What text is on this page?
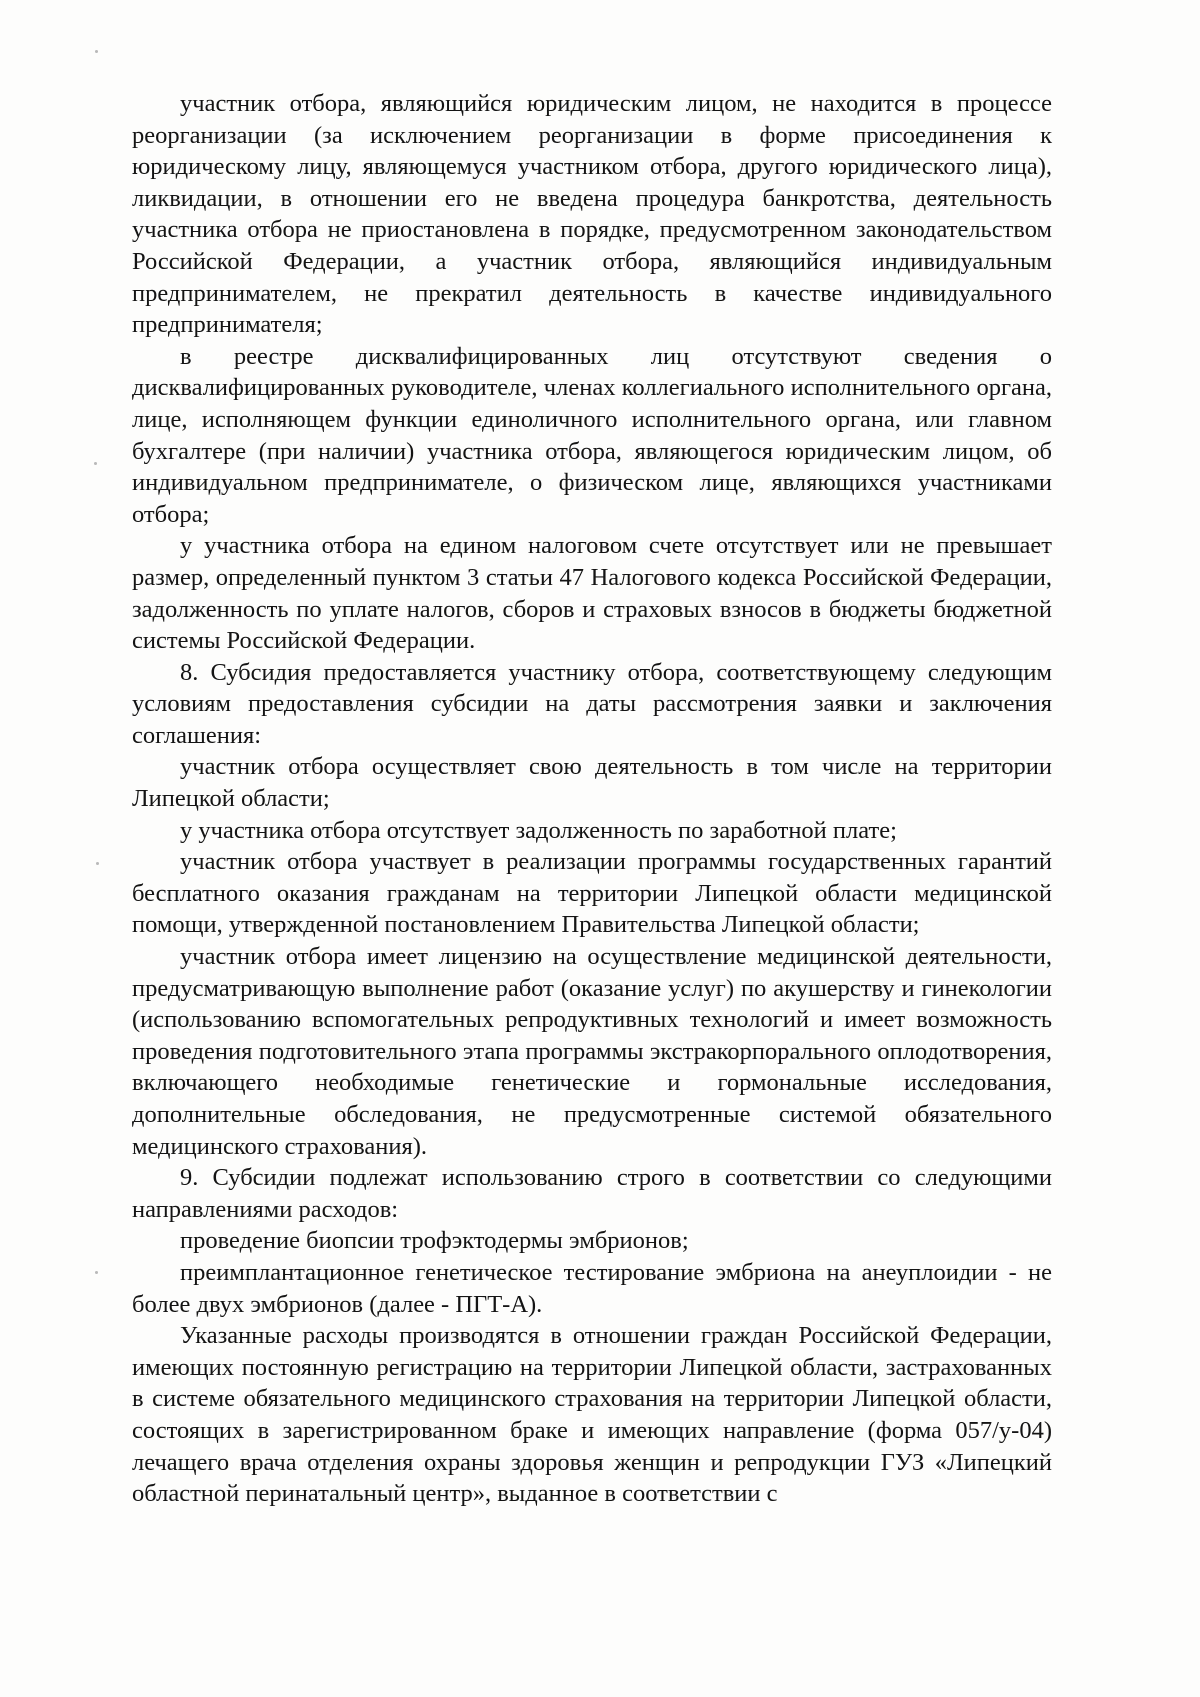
участник отбора, являющийся юридическим лицом, не находится в процессе реорганизации (за исключением реорганизации в форме присоединения к юридическому лицу, являющемуся участником отбора, другого юридического лица), ликвидации, в отношении его не введена процедура банкротства, деятельность участника отбора не приостановлена в порядке, предусмотренном законодательством Российской Федерации, а участник отбора, являющийся индивидуальным предпринимателем, не прекратил деятельность в качестве индивидуального предпринимателя;

в реестре дисквалифицированных лиц отсутствуют сведения о дисквалифицированных руководителе, членах коллегиального исполнительного органа, лице, исполняющем функции единоличного исполнительного органа, или главном бухгалтере (при наличии) участника отбора, являющегося юридическим лицом, об индивидуальном предпринимателе, о физическом лице, являющихся участниками отбора;

у участника отбора на едином налоговом счете отсутствует или не превышает размер, определенный пунктом 3 статьи 47 Налогового кодекса Российской Федерации, задолженность по уплате налогов, сборов и страховых взносов в бюджеты бюджетной системы Российской Федерации.

8. Субсидия предоставляется участнику отбора, соответствующему следующим условиям предоставления субсидии на даты рассмотрения заявки и заключения соглашения:

участник отбора осуществляет свою деятельность в том числе на территории Липецкой области;

у участника отбора отсутствует задолженность по заработной плате;

участник отбора участвует в реализации программы государственных гарантий бесплатного оказания гражданам на территории Липецкой области медицинской помощи, утвержденной постановлением Правительства Липецкой области;

участник отбора имеет лицензию на осуществление медицинской деятельности, предусматривающую выполнение работ (оказание услуг) по акушерству и гинекологии (использованию вспомогательных репродуктивных технологий и имеет возможность проведения подготовительного этапа программы экстракорпорального оплодотворения, включающего необходимые генетические и гормональные исследования, дополнительные обследования, не предусмотренные системой обязательного медицинского страхования).

9. Субсидии подлежат использованию строго в соответствии со следующими направлениями расходов:

проведение биопсии трофэктодермы эмбрионов;

преимплантационное генетическое тестирование эмбриона на анеуплоидии - не более двух эмбрионов (далее - ПГТ-А).

Указанные расходы производятся в отношении граждан Российской Федерации, имеющих постоянную регистрацию на территории Липецкой области, застрахованных в системе обязательного медицинского страхования на территории Липецкой области, состоящих в зарегистрированном браке и имеющих направление (форма 057/у-04) лечащего врача отделения охраны здоровья женщин и репродукции ГУЗ «Липецкий областной перинатальный центр», выданное в соответствии с
